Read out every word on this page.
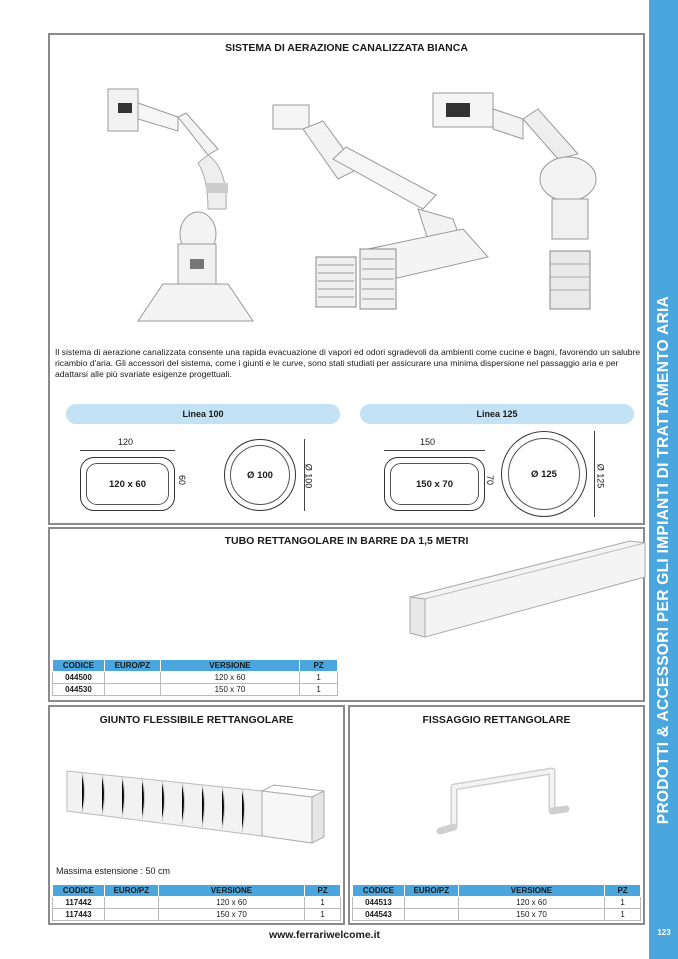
PRODOTTI & ACCESSORI PER GLI IMPIANTI DI TRATTAMENTO ARIA
123
SISTEMA DI AERAZIONE CANALIZZATA BIANCA
Il sistema di aerazione canalizzata consente una rapida evacuazione di vapori ed odori sgradevoli da ambienti come cucine e bagni, favorendo un salubre ricambio d'aria. Gli accessori del sistema, come i giunti e le curve, sono stati studiati per assicurare una minima dispersione nel passaggio aria e per adattarsi alle più svariate esigenze progettuali.
Linea 100	Linea 125
120
120 x 60	60	Ø 100	Ø 100
150
150 x 70	70
Ø 125	Ø 125
TUBO RETTANGOLARE IN BARRE DA 1,5 METRI
CODICE	EURO/PZ	VERSIONE	PZ
044500		120 x 60	1
044530		150 x 70	1
GIUNTO FLESSIBILE RETTANGOLARE
Massima estensione : 50 cm
CODICE	EURO/PZ	VERSIONE	PZ
117442		120 x 60	1
117443		150 x 70	1
FISSAGGIO RETTANGOLARE
CODICE	EURO/PZ	VERSIONE	PZ
044513		120 x 60	1
044543		150 x 70	1
www.ferrariwelcome.it
